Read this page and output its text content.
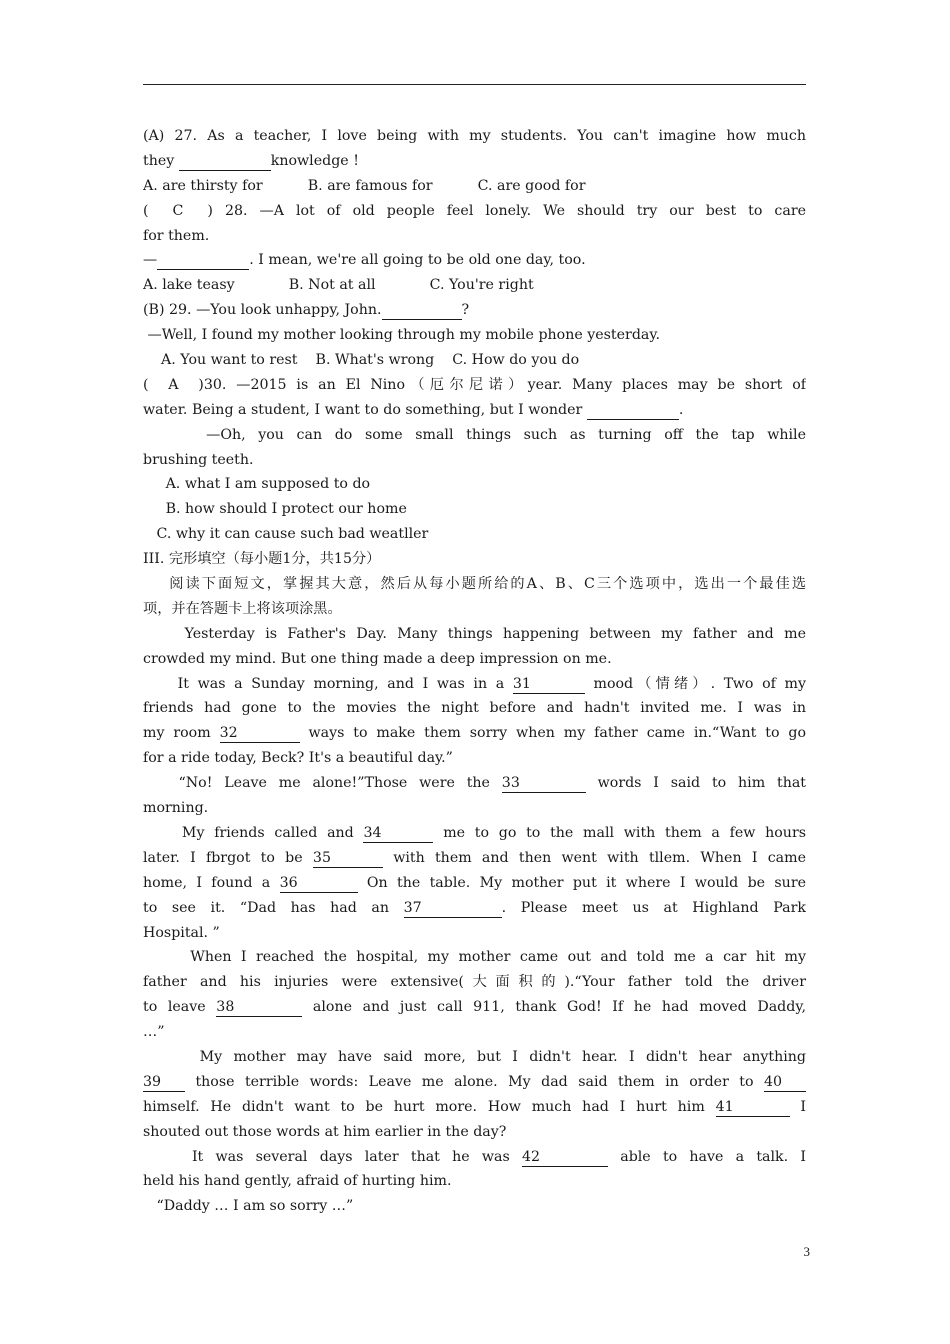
(A) 27. As a teacher, I love being with my students. You can't imagine how much
they	knowledge !
A. are thirsty for          B. are famous for          C. are good for
(  C  ) 28. —A lot of old people feel lonely. We should try our best to care
for them.
—	. I mean, we're all going to be old one day, too.
A. lake teasy            B. Not at all            C. You're right
(B) 29. —You look unhappy, John.	?
—Well, I found my mother looking through my mobile phone yesterday.
A. You want to rest    B. What's wrong    C. How do you do
(  A  )30. —2015 is an El Nino（厄尔尼诺）year. Many places may be short of
water. Being a student, I want to do something, but I wonder	.
—Oh, you can do some small things such as turning off the tap while
brushing teeth.
A. what I am supposed to do
B. how should I protect our home
C. why it can cause such bad weatller
III. 完形填空（每小题1分，共15分）
阅读下面短文，掌握其大意，然后从每小题所给的A、B、C三个选项中，选出一个最佳选
项，并在答题卡上将该项涂黑。
Yesterday is Father's Day. Many things happening between my father and me
crowded my mind. But one thing made a deep impression on me.
It was a Sunday morning, and I was in a 31	mood（情绪）. Two of my
friends had gone to the movies the night before and hadn't invited me. I was in
my room 32	ways to make them sorry when my father came in.“Want to go
for a ride today, Beck? It's a beautiful day.”
“No! Leave me alone!”Those were the 33	words I said to him that
morning.
My friends called and 34	me to go to the mall with them a few hours
later. I fbrgot to be 35	with them and then went with tllem. When I came
home, I found a 36	On the table. My mother put it where I would be sure
to see it. “Dad has had an 37	. Please meet us at Highland Park
Hospital. ”
When I reached the hospital, my mother came out and told me a car hit my
father and his injuries were extensive(大面积的).“Your father told the driver
to leave 38	alone and just call 911, thank God! If he had moved Daddy,
…”
My mother may have said more, but I didn't hear. I didn't hear anything
39 those terrible words: Leave me alone. My dad said them in order to 40
himself. He didn't want to be hurt more. How much had I hurt him 41	I
shouted out those words at him earlier in the day?
It was several days later that he was 42	able to have a talk. I
held his hand gently, afraid of hurting him.
“Daddy … I am so sorry …”
3
